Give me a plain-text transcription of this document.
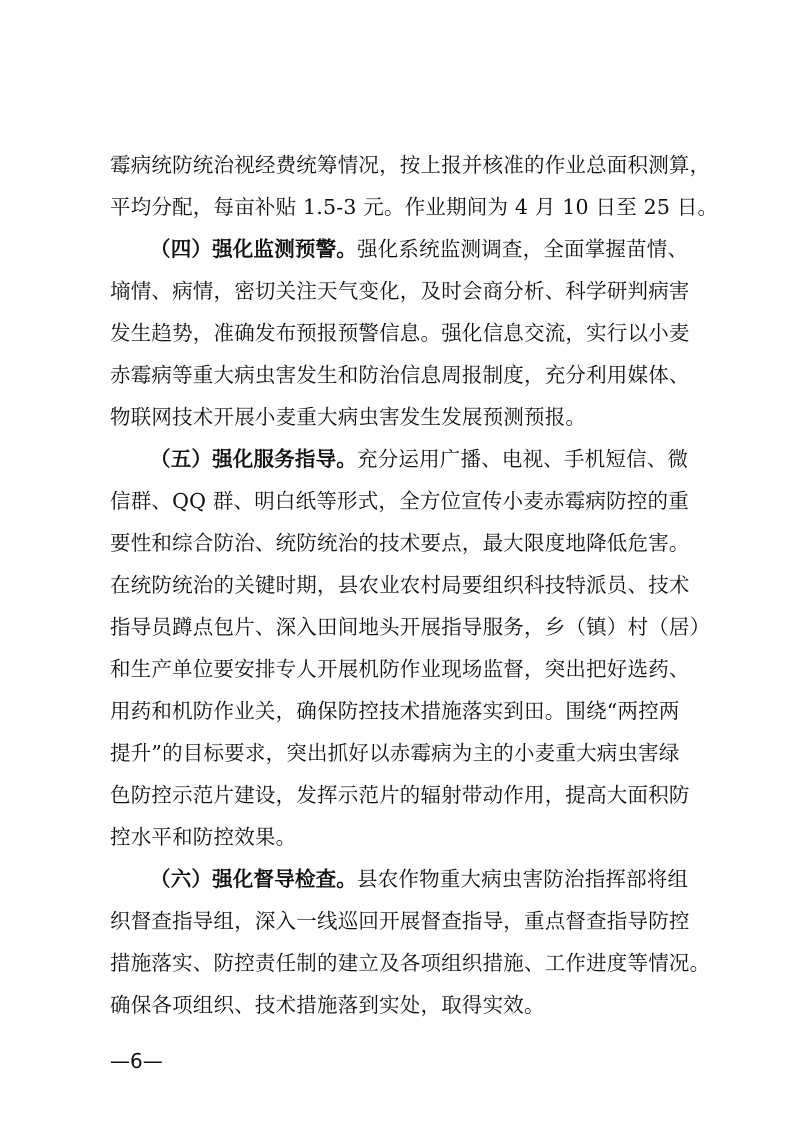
霉病统防统治视经费统筹情况，按上报并核准的作业总面积测算，
平均分配，每亩补贴 1.5-3 元。作业期间为 4 月 10 日至 25 日。
（四）强化监测预警。强化系统监测调查，全面掌握苗情、
墒情、病情，密切关注天气变化，及时会商分析、科学研判病害
发生趋势，准确发布预报预警信息。强化信息交流，实行以小麦
赤霉病等重大病虫害发生和防治信息周报制度，充分利用媒体、
物联网技术开展小麦重大病虫害发生发展预测预报。
（五）强化服务指导。充分运用广播、电视、手机短信、微
信群、QQ 群、明白纸等形式，全方位宣传小麦赤霉病防控的重
要性和综合防治、统防统治的技术要点，最大限度地降低危害。
在统防统治的关键时期，县农业农村局要组织科技特派员、技术
指导员蹲点包片、深入田间地头开展指导服务，乡（镇）村（居）
和生产单位要安排专人开展机防作业现场监督，突出把好选药、
用药和机防作业关，确保防控技术措施落实到田。围绕“两控两
提升”的目标要求，突出抓好以赤霉病为主的小麦重大病虫害绿
色防控示范片建设，发挥示范片的辐射带动作用，提高大面积防
控水平和防控效果。
（六）强化督导检查。县农作物重大病虫害防治指挥部将组
织督查指导组，深入一线巡回开展督查指导，重点督查指导防控
措施落实、防控责任制的建立及各项组织措施、工作进度等情况。
确保各项组织、技术措施落到实处，取得实效。
—6—
